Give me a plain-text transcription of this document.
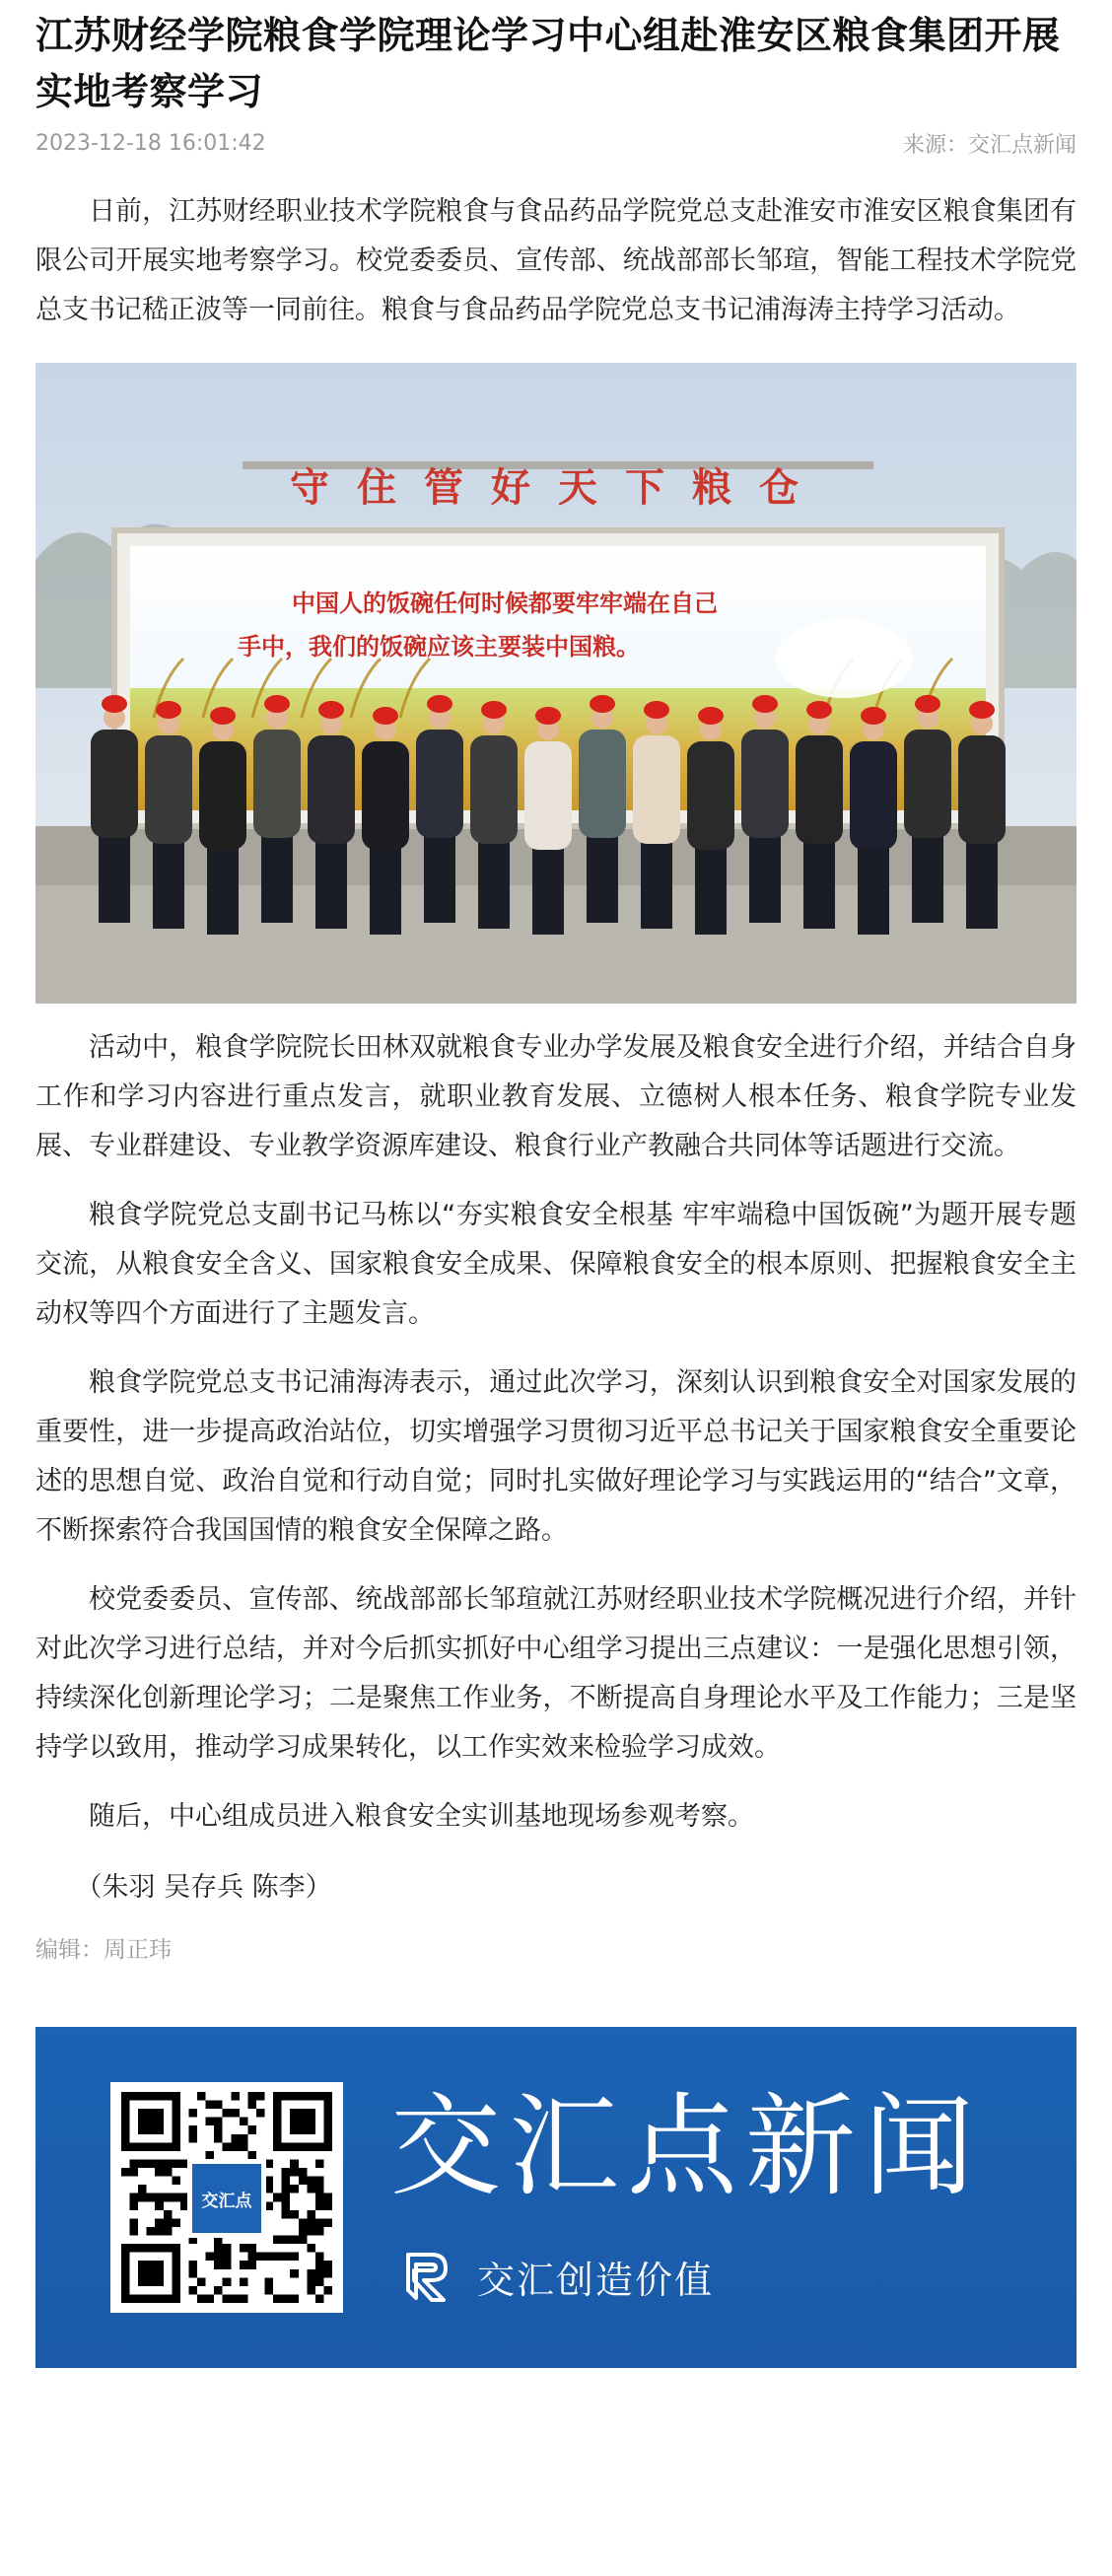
江苏财经学院粮食学院理论学习中心组赴淮安区粮食集团开展实地考察学习
2023-12-18 16:01:42	来源：交汇点新闻

日前，江苏财经职业技术学院粮食与食品药品学院党总支赴淮安市淮安区粮食集团有限公司开展实地考察学习。校党委委员、宣传部、统战部部长邹瑄，智能工程技术学院党总支书记嵇正波等一同前往。粮食与食品药品学院党总支书记浦海涛主持学习活动。

守住管好天下粮仓
中国人的饭碗任何时候都要牢牢端在自己
手中，我们的饭碗应该主要装中国粮。

活动中，粮食学院院长田林双就粮食专业办学发展及粮食安全进行介绍，并结合自身工作和学习内容进行重点发言，就职业教育发展、立德树人根本任务、粮食学院专业发展、专业群建设、专业教学资源库建设、粮食行业产教融合共同体等话题进行交流。

粮食学院党总支副书记马栋以“夯实粮食安全根基 牢牢端稳中国饭碗”为题开展专题交流，从粮食安全含义、国家粮食安全成果、保障粮食安全的根本原则、把握粮食安全主动权等四个方面进行了主题发言。

粮食学院党总支书记浦海涛表示，通过此次学习，深刻认识到粮食安全对国家发展的重要性，进一步提高政治站位，切实增强学习贯彻习近平总书记关于国家粮食安全重要论述的思想自觉、政治自觉和行动自觉；同时扎实做好理论学习与实践运用的“结合”文章，不断探索符合我国国情的粮食安全保障之路。

校党委委员、宣传部、统战部部长邹瑄就江苏财经职业技术学院概况进行介绍，并针对此次学习进行总结，并对今后抓实抓好中心组学习提出三点建议：一是强化思想引领，持续深化创新理论学习；二是聚焦工作业务，不断提高自身理论水平及工作能力；三是坚持学以致用，推动学习成果转化，以工作实效来检验学习成效。

随后，中心组成员进入粮食安全实训基地现场参观考察。

（朱羽 吴存兵 陈李）

编辑：周正玮

交汇点 交汇点新闻
交汇创造价值
